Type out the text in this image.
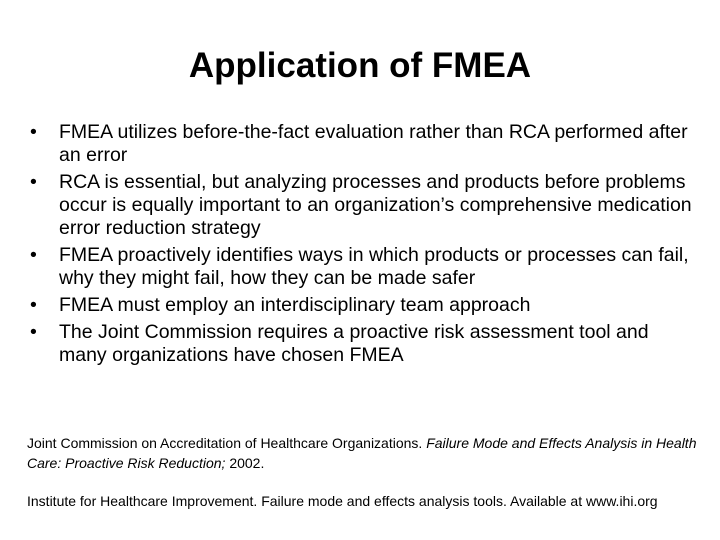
Application of FMEA
•	FMEA utilizes before-the-fact evaluation rather than RCA performed after an error
•	RCA is essential, but analyzing processes and products before problems occur is equally important to an organization’s comprehensive medication error reduction strategy
•	FMEA proactively identifies ways in which products or processes can fail, why they might fail, how they can be made safer
•	FMEA must employ an interdisciplinary team approach
•	The Joint Commission requires a proactive risk assessment tool and many organizations have chosen FMEA

Joint Commission on Accreditation of Healthcare Organizations. Failure Mode and Effects Analysis in Health Care: Proactive Risk Reduction; 2002.

Institute for Healthcare Improvement. Failure mode and effects analysis tools. Available at www.ihi.org
